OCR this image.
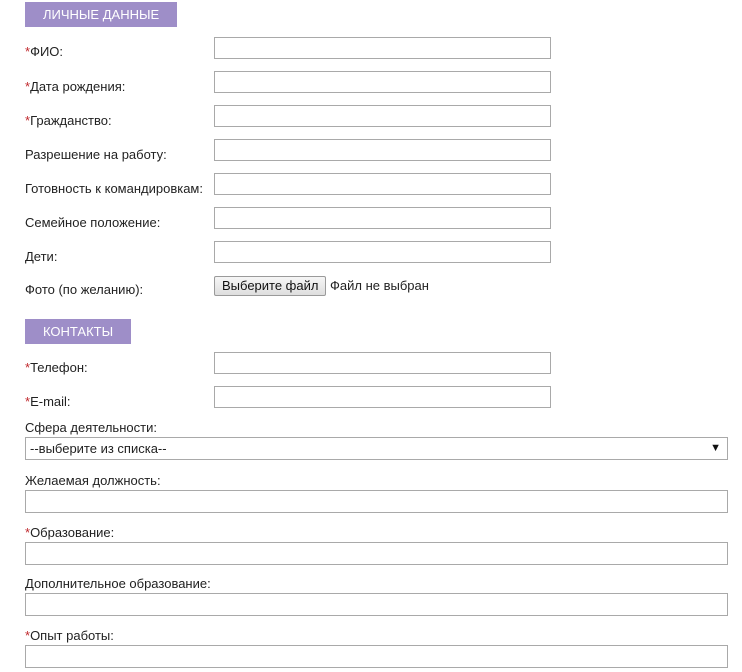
ЛИЧНЫЕ ДАННЫЕ
*ФИО:
*Дата рождения:
*Гражданство:
Разрешение на работу:
Готовность к командировкам:
Семейное положение:
Дети:
Фото (по желанию):	Выберите файл Файл не выбран
КОНТАКТЫ
*Телефон:
*E-mail:
Сфера деятельности:
--выберите из списка--	▼
Желаемая должность:
*Образование:
Дополнительное образование:
*Опыт работы:
